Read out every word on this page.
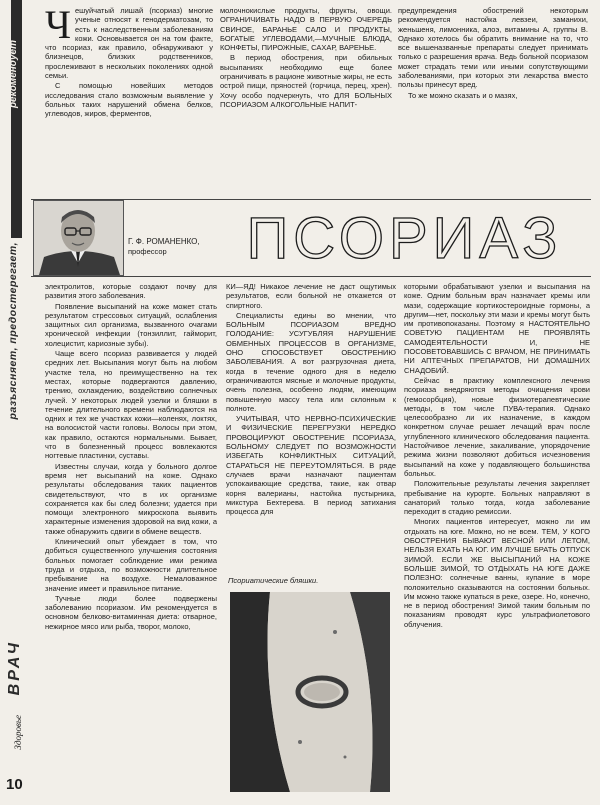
рекомендует
разъясняет, предостерегает,
ВРАЧ
Здоровье
10

Чешуйчатый лишай (псориаз) многие ученые относят к генодерматозам, то есть к наследственным заболеваниям кожи. Основывается он на том факте, что псориаз, как правило, обнаруживают у близнецов, близких родственников, прослеживают в нескольких поколениях одной семьи.

С помощью новейших методов исследования стало возможным выявление у больных таких нарушений обмена белков, углеводов, жиров, ферментов,

молочнокислые продукты, фрукты, овощи. ОГРАНИЧИВАТЬ НАДО В ПЕРВУЮ ОЧЕРЕДЬ СВИНОЕ, БАРАНЬЕ САЛО И ПРОДУКТЫ, БОГАТЫЕ УГЛЕВОДАМИ,—МУЧНЫЕ БЛЮДА, КОНФЕТЫ, ПИРОЖНЫЕ, САХАР, ВАРЕНЬЕ.

В период обострения, при обильных высыпаниях необходимо еще более ограничивать в рационе животные жиры, не есть острой пищи, пряностей (горчица, перец, хрен). Хочу особо подчеркнуть, что ДЛЯ БОЛЬНЫХ ПСОРИАЗОМ АЛКОГОЛЬНЫЕ НАПИТ-

предупреждения обострений некоторым рекомендуется настойка левзеи, заманихи, женьшеня, лимонника, алоэ, витамины А, группы В. Однако хотелось бы обратить внимание на то, что все вышеназванные препараты следует принимать только с разрешения врача. Ведь больной псориазом может страдать теми или иными сопутствующими заболеваниями, при которых эти лекарства вместо пользы принесут вред.

То же можно сказать и о мазях,

Г. Ф. РОМАНЕНКО,
профессор	ПСОРИАЗ

электролитов, которые создают почву для развития этого заболевания.

Появление высыпаний на коже может стать результатом стрессовых ситуаций, ослабления защитных сил организма, вызванного очагами хронической инфекции (тонзиллит, гайморит, холецистит, кариозные зубы).

Чаще всего псориаз развивается у людей средних лет. Высыпания могут быть на любом участке тела, но преимущественно на тех местах, которые подвергаются давлению, трению, охлаждению, воздействию солнечных лучей. У некоторых людей узелки и бляшки в течение длительного времени наблюдаются на одних и тех же участках кожи—коленях, локтях, на волосистой части головы. Волосы при этом, как правило, остаются нормальными. Бывает, что в болезненный процесс вовлекаются ногтевые пластинки, суставы.

Известны случаи, когда у больного долгое время нет высыпаний на коже. Однако результаты обследования таких пациентов свидетельствуют, что в их организме сохраняется как бы след болезни; удается при помощи электронного микроскопа выявить характерные изменения здоровой на вид кожи, а также обнаружить сдвиги в обмене веществ.

Клинический опыт убеждает в том, что добиться существенного улучшения состояния больных помогает соблюдение ими режима труда и отдыха, по возможности длительное пребывание на воздухе. Немаловажное значение имеет и правильное питание.

Тучные люди более подвержены заболеванию псориазом. Им рекомендуется в основном белково-витаминная диета: отварное, нежирное мясо или рыба, творог, молоко,

КИ—ЯД! Никакое лечение не даст ощутимых результатов, если больной не откажется от спиртного.

Специалисты едины во мнении, что БОЛЬНЫМ ПСОРИАЗОМ ВРЕДНО ГОЛОДАНИЕ: УСУГУБЛЯЯ НАРУШЕНИЕ ОБМЕННЫХ ПРОЦЕССОВ В ОРГАНИЗМЕ, ОНО СПОСОБСТВУЕТ ОБОСТРЕНИЮ ЗАБОЛЕВАНИЯ. А вот разгрузочная диета, когда в течение одного дня в неделю ограничиваются мясные и молочные продукты, очень полезна, особенно людям, имеющим повышенную массу тела или склонным к полноте.

УЧИТЫВАЯ, ЧТО НЕРВНО-ПСИХИЧЕСКИЕ И ФИЗИЧЕСКИЕ ПЕРЕГРУЗКИ НЕРЕДКО ПРОВОЦИРУЮТ ОБОСТРЕНИЕ ПСОРИАЗА, БОЛЬНОМУ СЛЕДУЕТ ПО ВОЗМОЖНОСТИ ИЗБЕГАТЬ КОНФЛИКТНЫХ СИТУАЦИЙ, СТАРАТЬСЯ НЕ ПЕРЕУТОМЛЯТЬСЯ. В ряде случаев врачи назначают пациентам успокаивающие средства, такие, как отвар корня валерианы, настойка пустырника, микстура Бехтерева. В период затихания процесса для

которыми обрабатывают узелки и высыпания на коже. Одним больным врач назначает кремы или мази, содержащие кортикостероидные гормоны, а другим—нет, поскольку эти мази и кремы могут быть им противопоказаны. Поэтому я НАСТОЯТЕЛЬНО СОВЕТУЮ ПАЦИЕНТАМ НЕ ПРОЯВЛЯТЬ САМОДЕЯТЕЛЬНОСТИ И, НЕ ПОСОВЕТОВАВШИСЬ С ВРАЧОМ, НЕ ПРИНИМАТЬ НИ АПТЕЧНЫХ ПРЕПАРАТОВ, НИ ДОМАШНИХ СНАДОБИЙ.

Сейчас в практику комплексного лечения псориаза внедряются методы очищения крови (гемосорбция), новые физиотерапевтические методы, в том числе ПУВА-терапия. Однако целесообразно ли их назначение, в каждом конкретном случае решает лечащий врач после углубленного клинического обследования пациента. Настойчивое лечение, закаливание, упорядочение режима жизни позволяют добиться исчезновения высыпаний на коже у подавляющего большинства больных.

Положительные результаты лечения закрепляет пребывание на курорте. Больных направляют в санаторий только тогда, когда заболевание переходит в стадию ремиссии.

Многих пациентов интересует, можно ли им отдыхать на юге. Можно, но не всем. ТЕМ, У КОГО ОБОСТРЕНИЯ БЫВАЮТ ВЕСНОЙ ИЛИ ЛЕТОМ, НЕЛЬЗЯ ЕХАТЬ НА ЮГ. ИМ ЛУЧШЕ БРАТЬ ОТПУСК ЗИМОЙ. ЕСЛИ ЖЕ ВЫСЫПАНИЙ НА КОЖЕ БОЛЬШЕ ЗИМОЙ, ТО ОТДЫХАТЬ НА ЮГЕ ДАЖЕ ПОЛЕЗНО: солнечные ванны, купание в море положительно сказываются на состоянии больных. Им можно также купаться в реке, озере. Но, конечно, не в период обострения! Зимой таким больным по показаниям проводят курс ультрафиолетового облучения.

Псориатические бляшки.
